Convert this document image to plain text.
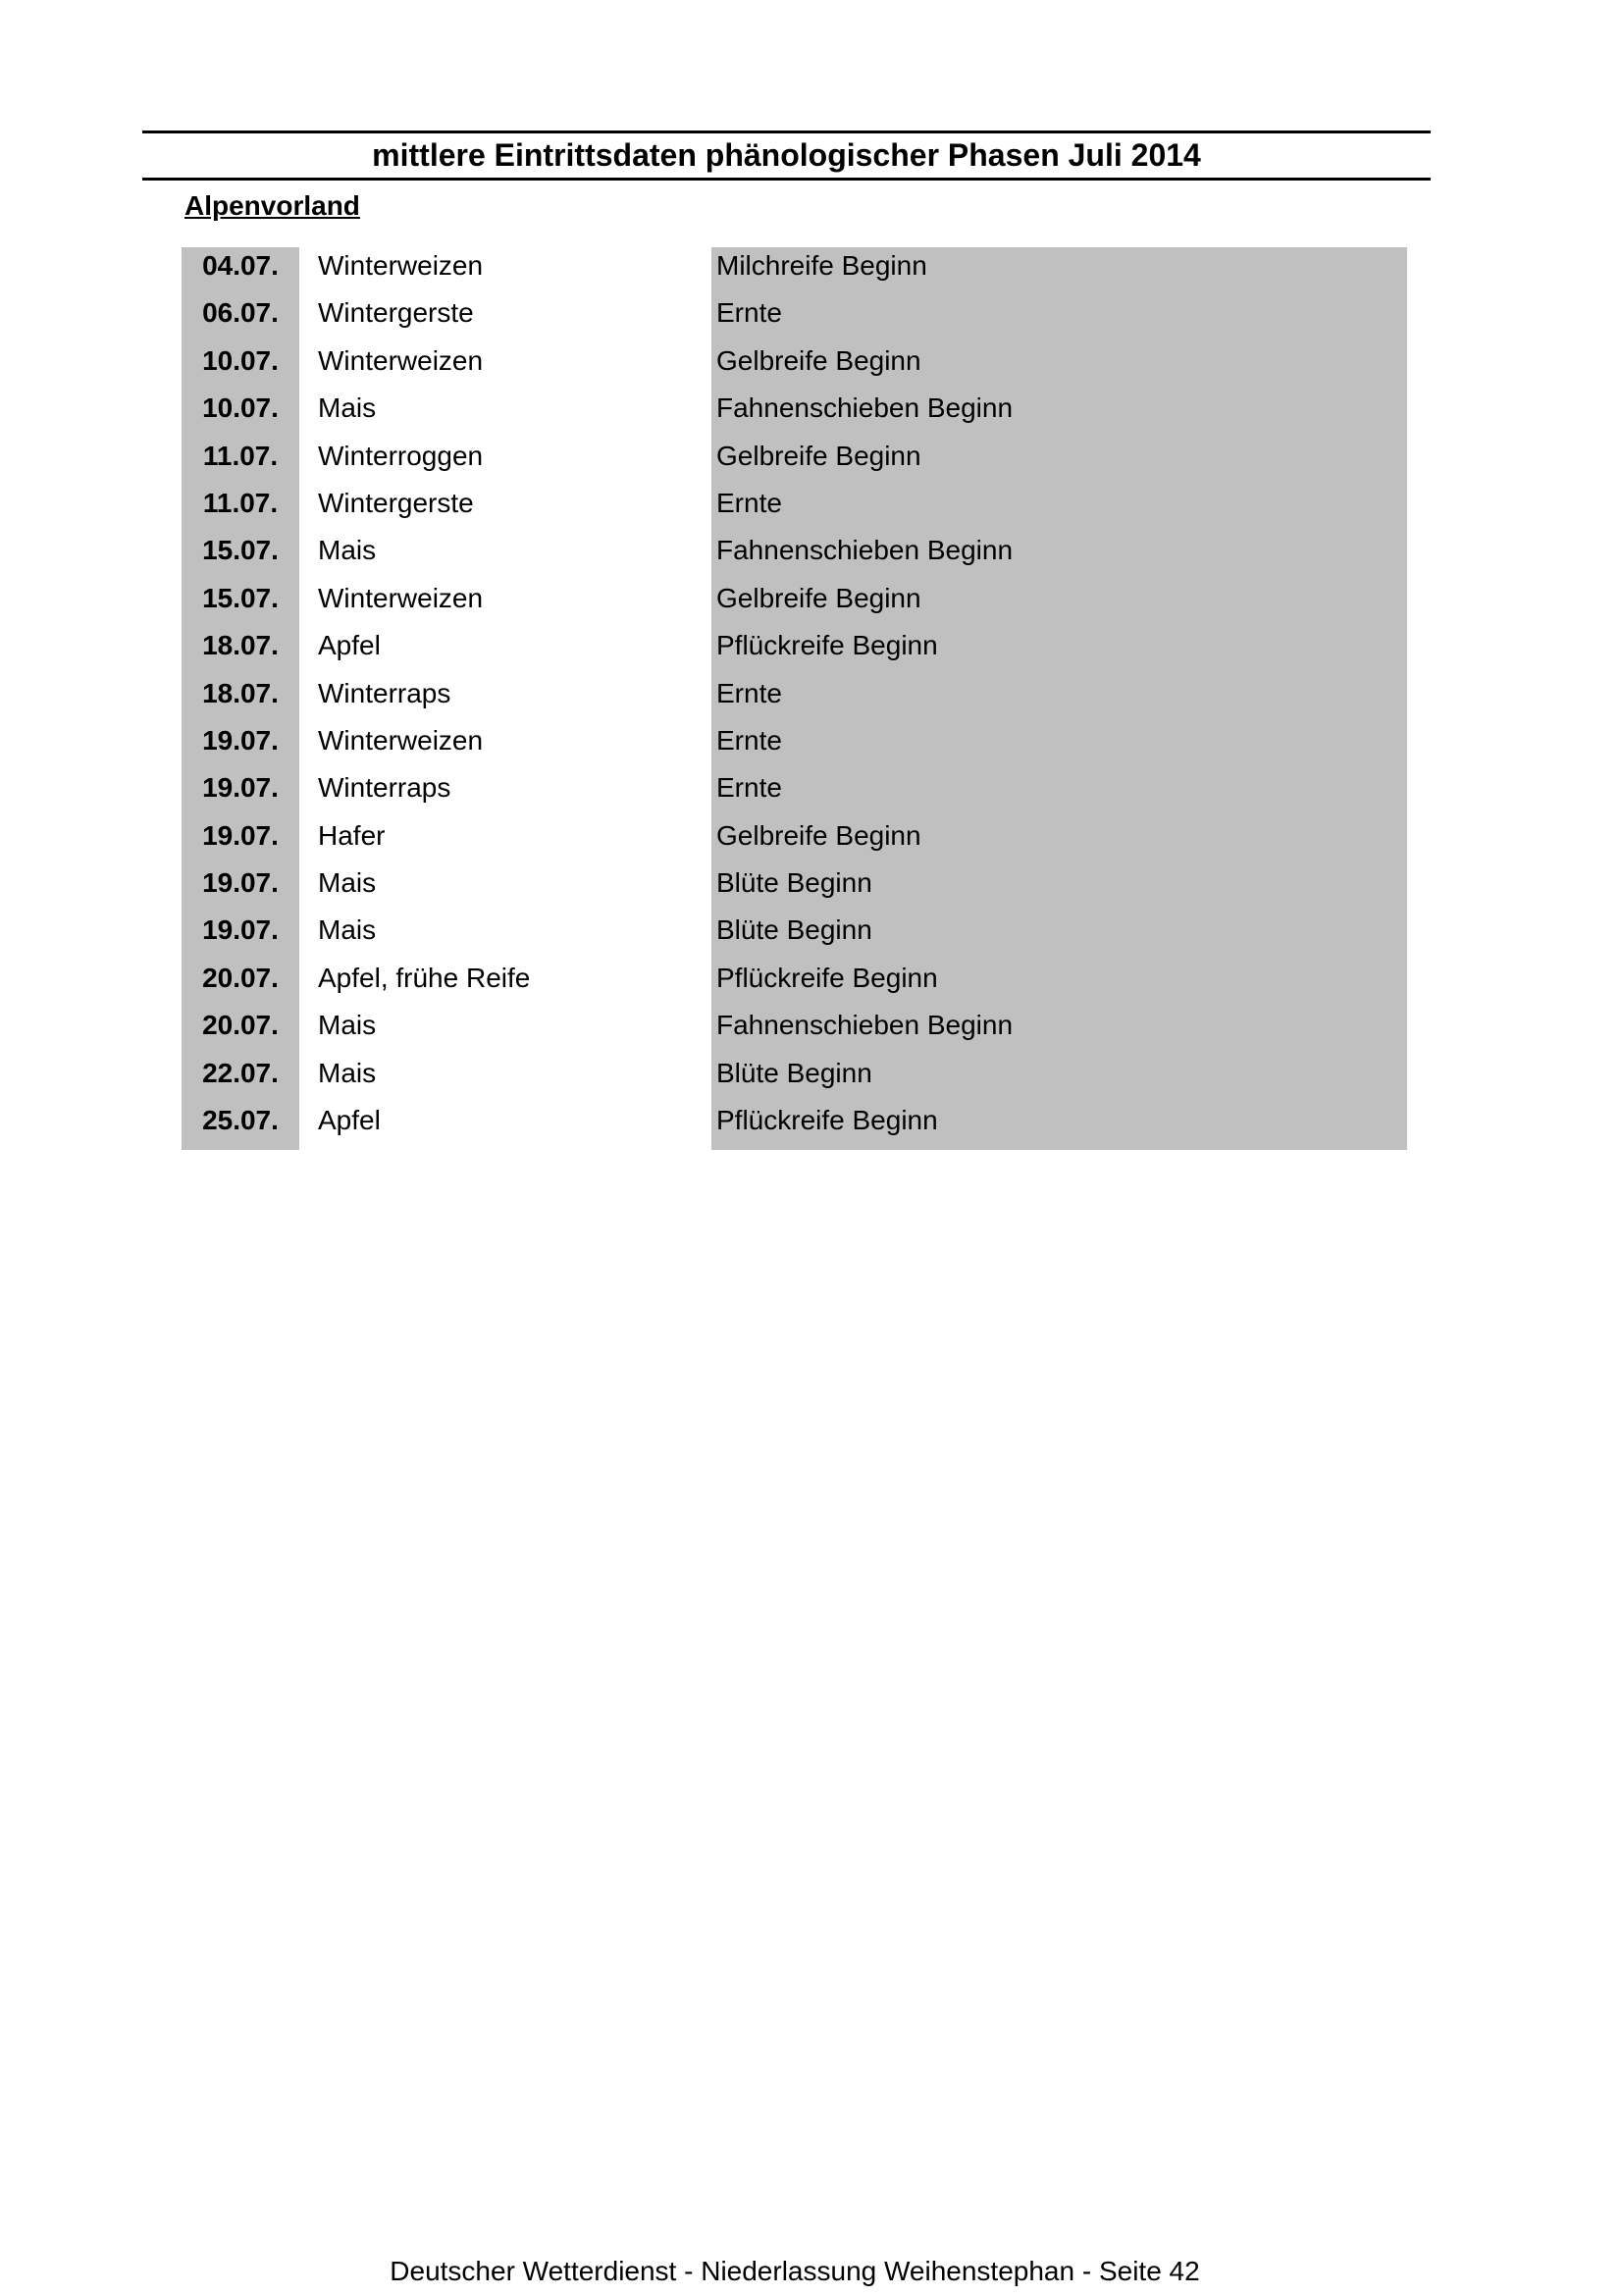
mittlere Eintrittsdaten phänologischer Phasen Juli 2014
Alpenvorland
04.07.	Winterweizen	Milchreife Beginn
06.07.	Wintergerste	Ernte
10.07.	Winterweizen	Gelbreife Beginn
10.07.	Mais	Fahnenschieben Beginn
11.07.	Winterroggen	Gelbreife Beginn
11.07.	Wintergerste	Ernte
15.07.	Mais	Fahnenschieben Beginn
15.07.	Winterweizen	Gelbreife Beginn
18.07.	Apfel	Pflückreife Beginn
18.07.	Winterraps	Ernte
19.07.	Winterweizen	Ernte
19.07.	Winterraps	Ernte
19.07.	Hafer	Gelbreife Beginn
19.07.	Mais	Blüte Beginn
19.07.	Mais	Blüte Beginn
20.07.	Apfel, frühe Reife	Pflückreife Beginn
20.07.	Mais	Fahnenschieben Beginn
22.07.	Mais	Blüte Beginn
25.07.	Apfel	Pflückreife Beginn
Deutscher Wetterdienst - Niederlassung Weihenstephan - Seite 42
